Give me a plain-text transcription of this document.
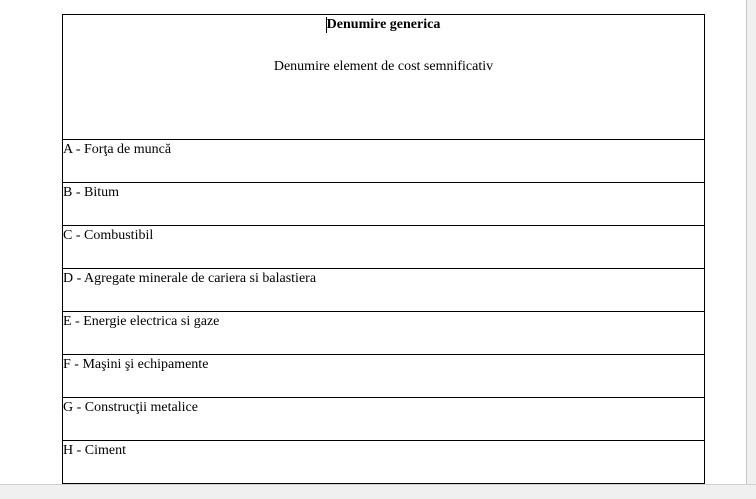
Denumire generica
Denumire element de cost semnificativ

A - Forţa de muncă

B - Bitum

C - Combustibil

D - Agregate minerale de cariera si balastiera

E - Energie electrica si gaze

F - Maşini şi echipamente

G - Construcţii metalice

H - Ciment
